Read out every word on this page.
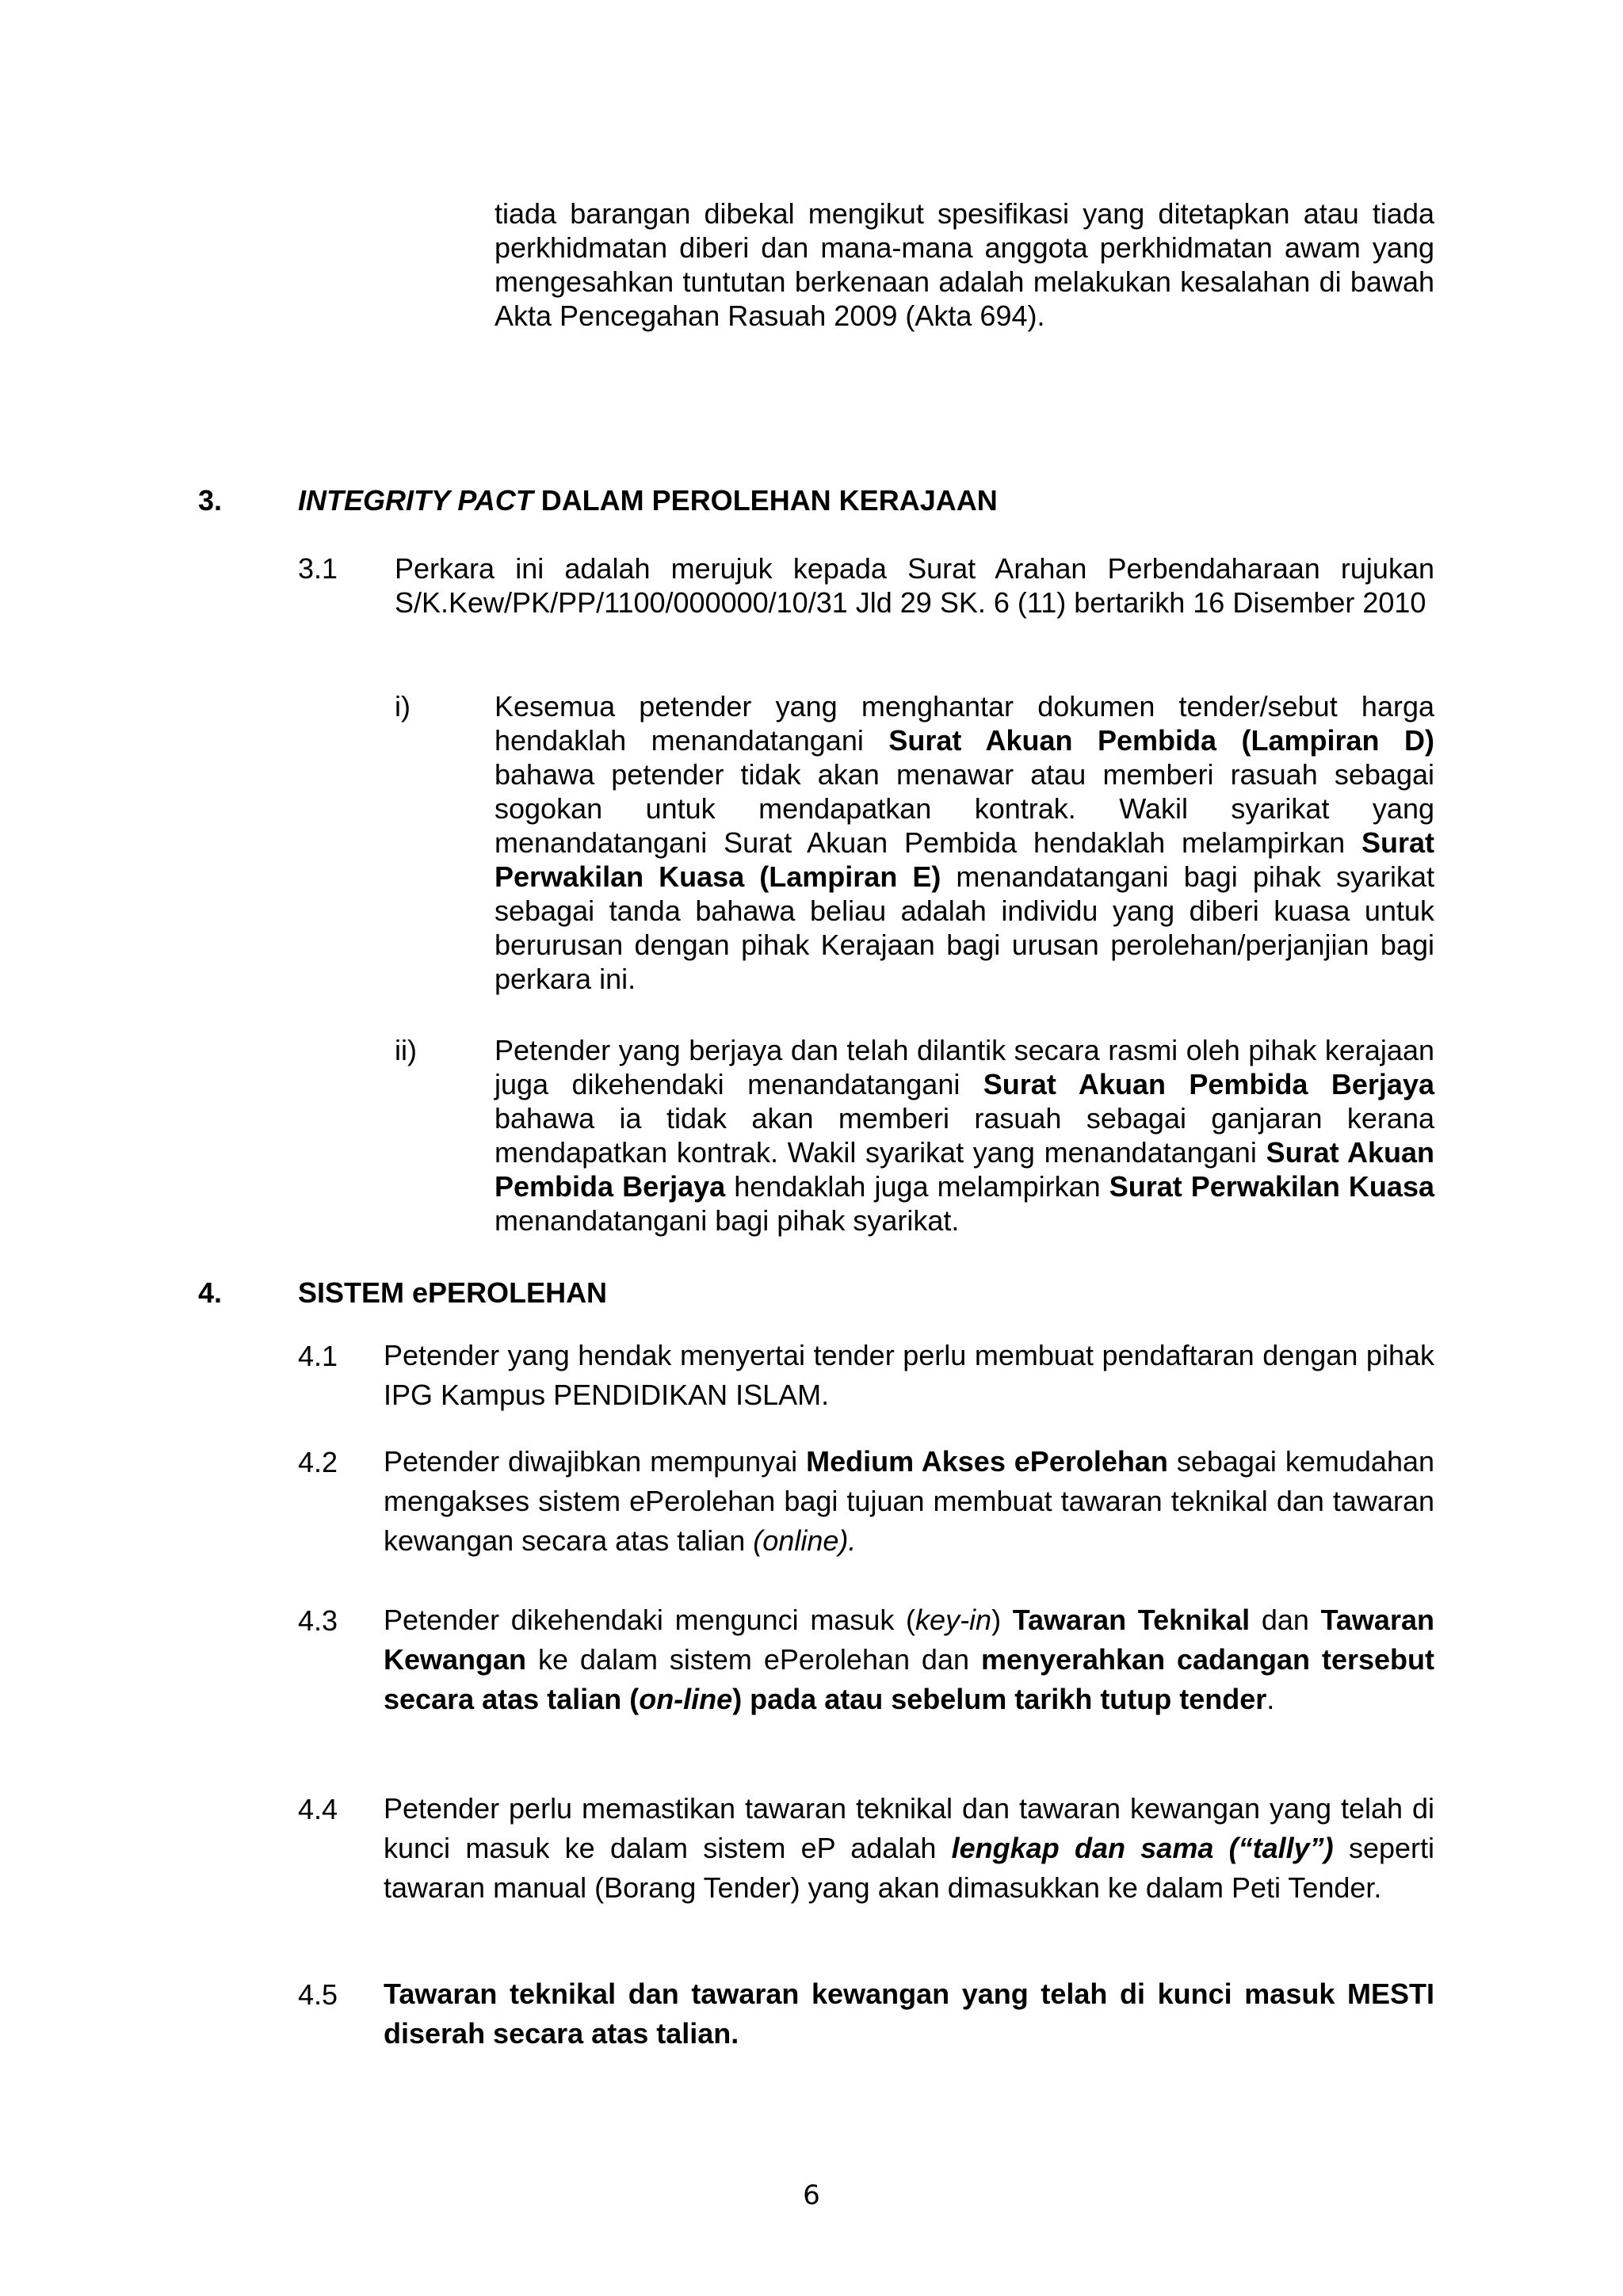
tiada barangan dibekal mengikut spesifikasi yang ditetapkan atau tiada perkhidmatan diberi dan mana-mana anggota perkhidmatan awam yang mengesahkan tuntutan berkenaan adalah melakukan kesalahan di bawah Akta Pencegahan Rasuah 2009 (Akta 694).

3.	INTEGRITY PACT DALAM PEROLEHAN KERAJAAN

3.1 Perkara ini adalah merujuk kepada Surat Arahan Perbendaharaan rujukan S/K.Kew/PK/PP/1100/000000/10/31 Jld 29 SK. 6 (11) bertarikh 16 Disember 2010

i)	Kesemua petender yang menghantar dokumen tender/sebut harga hendaklah menandatangani Surat Akuan Pembida (Lampiran D) bahawa petender tidak akan menawar atau memberi rasuah sebagai sogokan untuk mendapatkan kontrak. Wakil syarikat yang menandatangani Surat Akuan Pembida hendaklah melampirkan Surat Perwakilan Kuasa (Lampiran E) menandatangani bagi pihak syarikat sebagai tanda bahawa beliau adalah individu yang diberi kuasa untuk berurusan dengan pihak Kerajaan bagi urusan perolehan/perjanjian bagi perkara ini.

ii)	Petender yang berjaya dan telah dilantik secara rasmi oleh pihak kerajaan juga dikehendaki menandatangani Surat Akuan Pembida Berjaya bahawa ia tidak akan memberi rasuah sebagai ganjaran kerana mendapatkan kontrak. Wakil syarikat yang menandatangani Surat Akuan Pembida Berjaya hendaklah juga melampirkan Surat Perwakilan Kuasa menandatangani bagi pihak syarikat.

4.	SISTEM ePEROLEHAN

4.1 Petender yang hendak menyertai tender perlu membuat pendaftaran dengan pihak IPG Kampus PENDIDIKAN ISLAM.

4.2 Petender diwajibkan mempunyai Medium Akses ePerolehan sebagai kemudahan mengakses sistem ePerolehan bagi tujuan membuat tawaran teknikal dan tawaran kewangan secara atas talian (online).

4.3 Petender dikehendaki mengunci masuk (key-in) Tawaran Teknikal dan Tawaran Kewangan ke dalam sistem ePerolehan dan menyerahkan cadangan tersebut secara atas talian (on-line) pada atau sebelum tarikh tutup tender.

4.4 Petender perlu memastikan tawaran teknikal dan tawaran kewangan yang telah di kunci masuk ke dalam sistem eP adalah lengkap dan sama (“tally”) seperti tawaran manual (Borang Tender) yang akan dimasukkan ke dalam Peti Tender.

4.5 Tawaran teknikal dan tawaran kewangan yang telah di kunci masuk MESTI diserah secara atas talian.

6
